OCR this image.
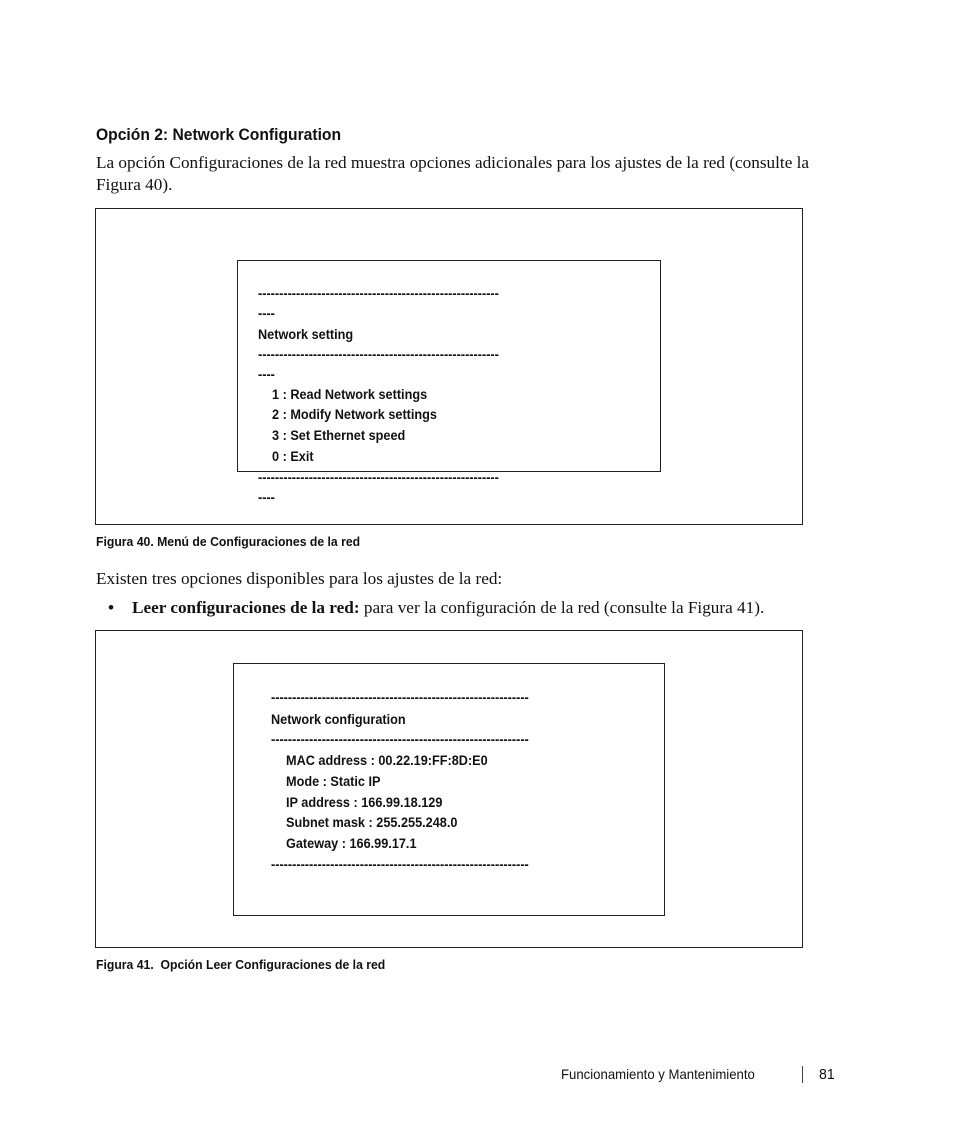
Opción 2: Network Configuration

La opción Configuraciones de la red muestra opciones adicionales para los ajustes de la red (consulte la Figura 40).

---------------------------------------------------------
----
Network setting
---------------------------------------------------------
----
1 : Read Network settings
2 : Modify Network settings
3 : Set Ethernet speed
0 : Exit
---------------------------------------------------------
----
Figura 40. Menú de Configuraciones de la red

Existen tres opciones disponibles para los ajustes de la red:

• Leer configuraciones de la red: para ver la configuración de la red (consulte la Figura 41).
-------------------------------------------------------------
Network configuration
-------------------------------------------------------------
MAC address : 00.22.19:FF:8D:E0
Mode : Static IP
IP address : 166.99.18.129
Subnet mask : 255.255.248.0
Gateway : 166.99.17.1
-------------------------------------------------------------
Figura 41.  Opción Leer Configuraciones de la red
Funcionamiento y Mantenimiento	81
